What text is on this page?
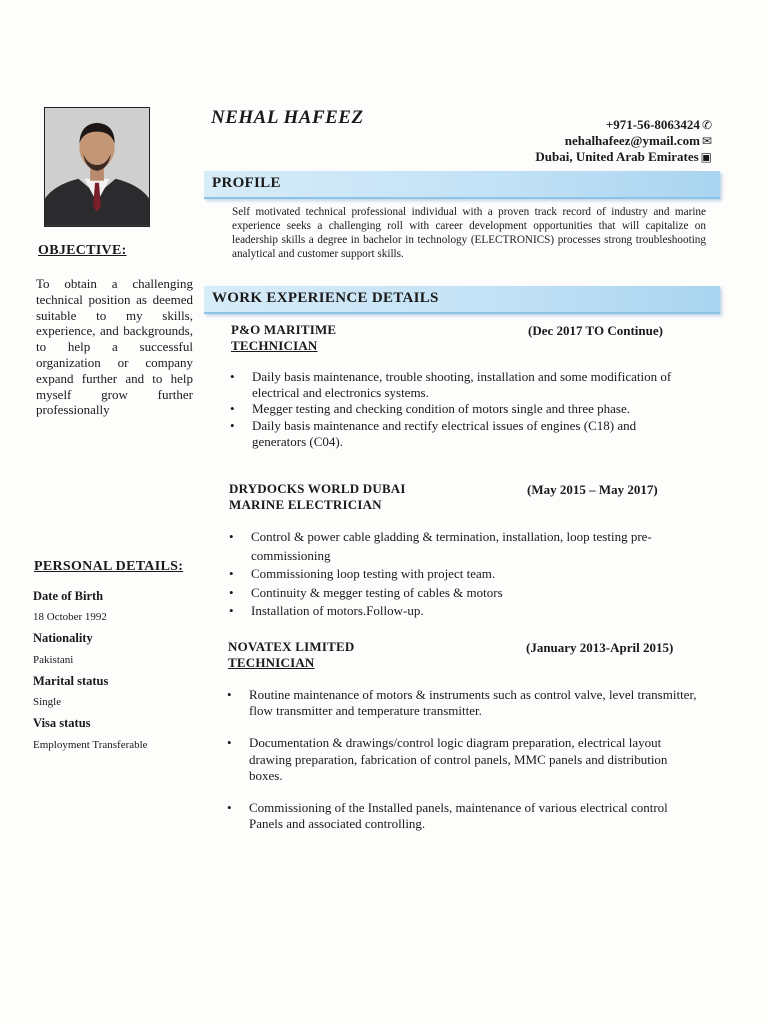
OBJECTIVE:
To obtain a challenging technical position as deemed suitable to my skills, experience, and backgrounds, to help a successful organization or company expand further and to help myself grow further professionally
PERSONAL DETAILS:
Date of Birth
18 October 1992
Nationality
Pakistani
Marital status
Single
Visa status
Employment Transferable
NEHAL HAFEEZ	+971-56-8063424 ✆
nehalhafeez@ymail.com ✉
Dubai, United Arab Emirates ▣
PROFILE
Self motivated technical professional individual with a proven track record of industry and marine experience seeks a challenging roll with career development opportunities that will capitalize on leadership skills a degree in bachelor in technology (ELECTRONICS) processes strong troubleshooting analytical and customer support skills.
WORK EXPERIENCE DETAILS
P&O MARITIME
TECHNICIAN
(Dec 2017 TO Continue)
• Daily basis maintenance, trouble shooting, installation and some modification of electrical and electronics systems.
• Megger testing and checking condition of motors single and three phase.
• Daily basis maintenance and rectify electrical issues of engines (C18) and generators (C04).
DRYDOCKS WORLD DUBAI
MARINE ELECTRICIAN
(May 2015 – May 2017)
• Control & power cable gladding & termination, installation, loop testing pre-commissioning
• Commissioning loop testing with project team.
• Continuity & megger testing of cables & motors
• Installation of motors.Follow-up.
NOVATEX LIMITED
TECHNICIAN
(January 2013-April 2015)
• Routine maintenance of motors & instruments such as control valve, level transmitter, flow transmitter and temperature transmitter.
• Documentation & drawings/control logic diagram preparation, electrical layout drawing preparation, fabrication of control panels, MMC panels and distribution boxes.
• Commissioning of the Installed panels, maintenance of various electrical control Panels and associated controlling.
